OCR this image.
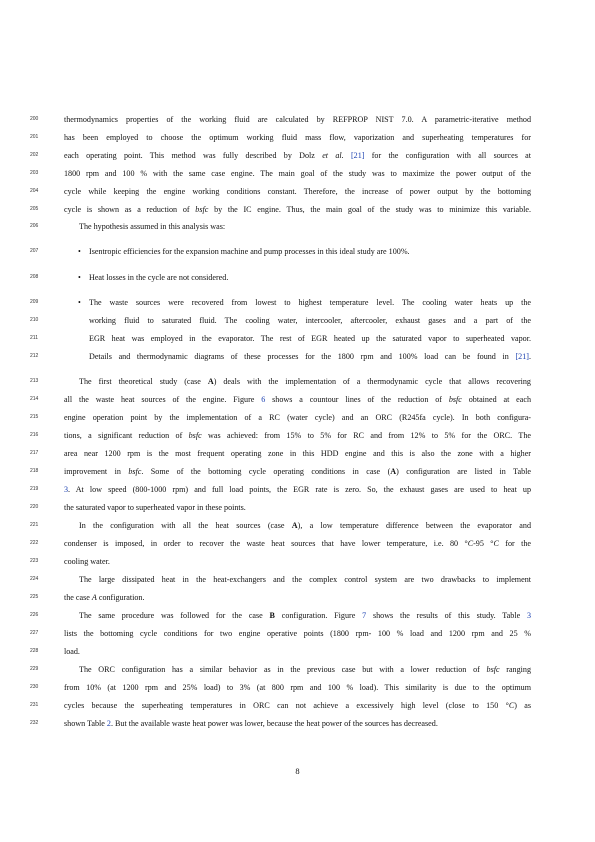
200
201
202
203
204
205
206
207
208
209
210
211
212
213
214
215
216
217
218
219
220
221
222
223
224
225
226
227
228
229
230
231
232
thermodynamics properties of the working fluid are calculated by REFPROP NIST 7.0. A parametric-iterative method
has been employed to choose the optimum working fluid mass flow, vaporization and superheating temperatures for
each operating point. This method was fully described by Dolz et al. [21] for the configuration with all sources at
1800 rpm and 100 % with the same case engine. The main goal of the study was to maximize the power output of the
cycle while keeping the engine working conditions constant. Therefore, the increase of power output by the bottoming
cycle is shown as a reduction of bsfc by the IC engine. Thus, the main goal of the study was to minimize this variable.
The hypothesis assumed in this analysis was:
• Isentropic efficiencies for the expansion machine and pump processes in this ideal study are 100%.
• Heat losses in the cycle are not considered.
• The waste sources were recovered from lowest to highest temperature level. The cooling water heats up the
working fluid to saturated fluid. The cooling water, intercooler, aftercooler, exhaust gases and a part of the
EGR heat was employed in the evaporator. The rest of EGR heated up the saturated vapor to superheated vapor.
Details and thermodynamic diagrams of these processes for the 1800 rpm and 100% load can be found in [21].
The first theoretical study (case A) deals with the implementation of a thermodynamic cycle that allows recovering
all the waste heat sources of the engine. Figure 6 shows a countour lines of the reduction of bsfc obtained at each
engine operation point by the implementation of a RC (water cycle) and an ORC (R245fa cycle). In both configura-
tions, a significant reduction of bsfc was achieved: from 15% to 5% for RC and from 12% to 5% for the ORC. The
area near 1200 rpm is the most frequent operating zone in this HDD engine and this is also the zone with a higher
improvement in bsfc. Some of the bottoming cycle operating conditions in case (A) configuration are listed in Table
3. At low speed (800-1000 rpm) and full load points, the EGR rate is zero. So, the exhaust gases are used to heat up
the saturated vapor to superheated vapor in these points.
In the configuration with all the heat sources (case A), a low temperature difference between the evaporator and
condenser is imposed, in order to recover the waste heat sources that have lower temperature, i.e. 80 °C-95 °C for the
cooling water.
The large dissipated heat in the heat-exchangers and the complex control system are two drawbacks to implement
the case A configuration.
The same procedure was followed for the case B configuration. Figure 7 shows the results of this study. Table 3
lists the bottoming cycle conditions for two engine operative points (1800 rpm- 100 % load and 1200 rpm and 25 %
load.
The ORC configuration has a similar behavior as in the previous case but with a lower reduction of bsfc ranging
from 10% (at 1200 rpm and 25% load) to 3% (at 800 rpm and 100 % load). This similarity is due to the optimum
cycles because the superheating temperatures in ORC can not achieve a excessively high level (close to 150 °C) as
shown Table 2. But the available waste heat power was lower, because the heat power of the sources has decreased.
8
